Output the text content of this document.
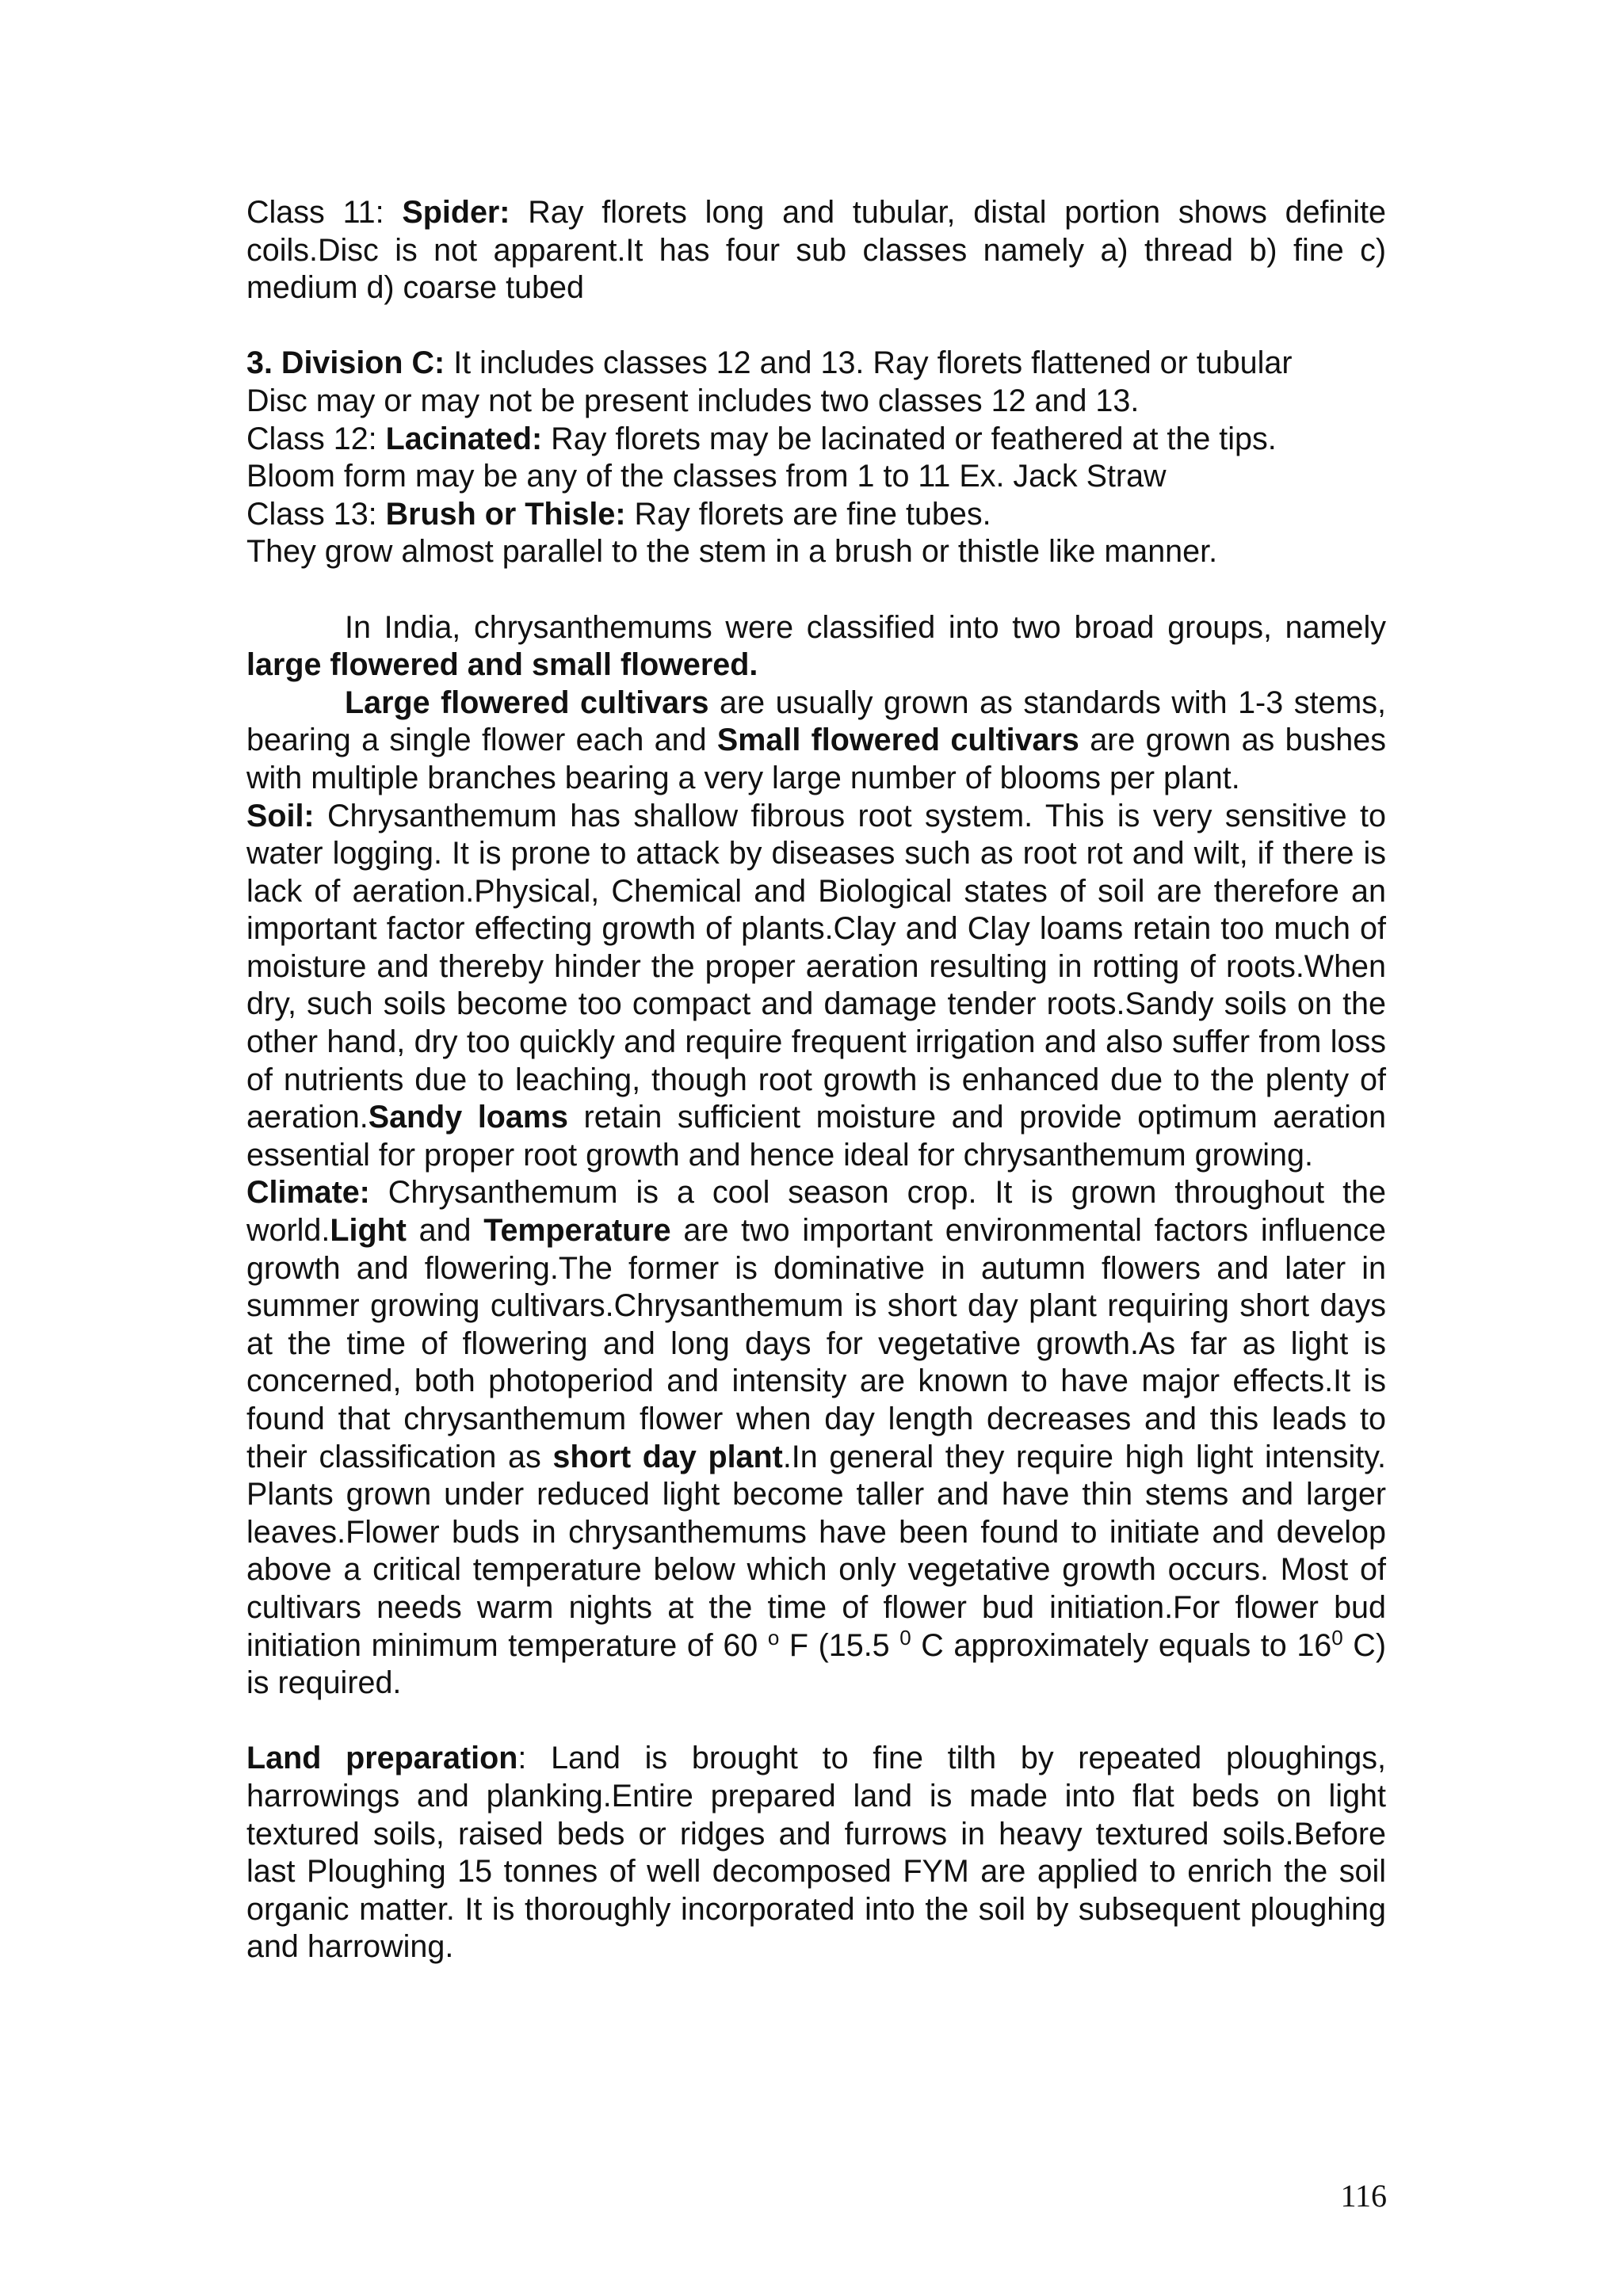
Class 11: Spider: Ray florets long and tubular, distal portion shows definite coils.Disc is not apparent.It has four sub classes namely a) thread b) fine c) medium d) coarse tubed

3. Division C: It includes classes 12 and 13. Ray florets flattened or tubular

Disc may or may not be present includes two classes 12 and 13.

Class 12: Lacinated: Ray florets may be lacinated or feathered at the tips.

Bloom form may be any of the classes from 1 to 11 Ex. Jack Straw

Class 13: Brush or Thisle: Ray florets are fine tubes.

They grow almost parallel to the stem in a brush or thistle like manner.

In India, chrysanthemums were classified into two broad groups, namely large flowered and small flowered.

Large flowered cultivars are usually grown as standards with 1-3 stems, bearing a single flower each and Small flowered cultivars are grown as bushes with multiple branches bearing a very large number of blooms per plant.

Soil: Chrysanthemum has shallow fibrous root system. This is very sensitive to water logging. It is prone to attack by diseases such as root rot and wilt, if there is lack of aeration.Physical, Chemical and Biological states of soil are therefore an important factor effecting growth of plants.Clay and Clay loams retain too much of moisture and thereby hinder the proper aeration resulting in rotting of roots.When dry, such soils become too compact and damage tender roots.Sandy soils on the other hand, dry too quickly and require frequent irrigation and also suffer from loss of nutrients due to leaching, though root growth is enhanced due to the plenty of aeration.Sandy loams retain sufficient moisture and provide optimum aeration essential for proper root growth and hence ideal for chrysanthemum growing.

Climate: Chrysanthemum is a cool season crop. It is grown throughout the world.Light and Temperature are two important environmental factors influence growth and flowering.The former is dominative in autumn flowers and later in summer growing cultivars.Chrysanthemum is short day plant requiring short days at the time of flowering and long days for vegetative growth.As far as light is concerned, both photoperiod and intensity are known to have major effects.It is found that chrysanthemum flower when day length decreases and this leads to their classification as short day plant.In general they require high light intensity. Plants grown under reduced light become taller and have thin stems and larger leaves.Flower buds in chrysanthemums have been found to initiate and develop above a critical temperature below which only vegetative growth occurs. Most of cultivars needs warm nights at the time of flower bud initiation.For flower bud initiation minimum temperature of 60 $^o$ F (15.5 $^0$ C approximately equals to $16^0$ C) is required.

Land preparation: Land is brought to fine tilth by repeated ploughings, harrowings and planking.Entire prepared land is made into flat beds on light textured soils, raised beds or ridges and furrows in heavy textured soils.Before last Ploughing 15 tonnes of well decomposed FYM are applied to enrich the soil organic matter. It is thoroughly incorporated into the soil by subsequent ploughing and harrowing.

116
